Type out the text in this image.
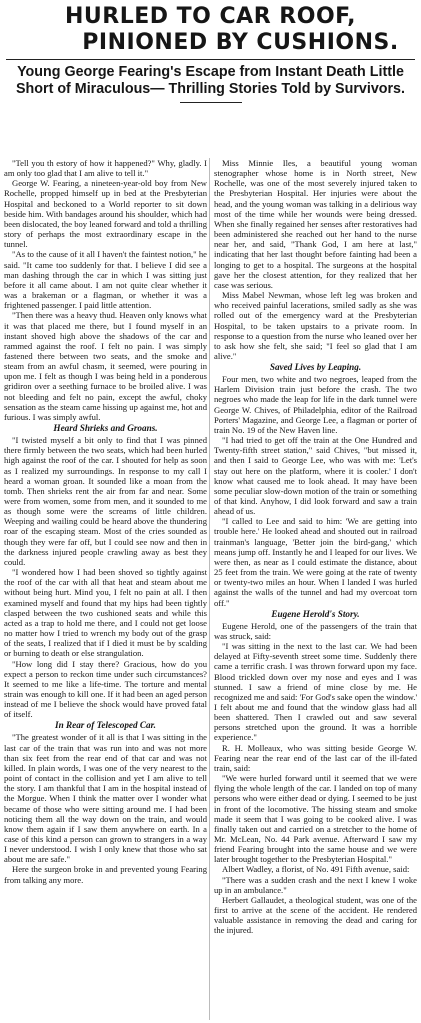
HURLED TO CAR ROOF,
PINIONED BY CUSHIONS.
Young George Fearing's Escape from Instant Death Little Short of Miraculous— Thrilling Stories Told by Survivors.

"Tell you th estory of how it happened?" Why, gladly. I am only too glad that I am alive to tell it."

George W. Fearing, a nineteen-year-old boy from New Rochelle, propped himself up in bed at the Presbyterian Hospital and beckoned to a World reporter to sit down beside him. With bandages around his shoulder, which had been dislocated, the boy leaned forward and told a thrilling story of perhaps the most extraordinary escape in the tunnel.

"As to the cause of it all I haven't the faintest notion," he said. "It came too suddenly for that. I believe I did see a man dashing through the car in which I was sitting just before it all came about. I am not quite clear whether it was a brakeman or a flagman, or whether it was a frightened passenger. I paid little attention.

"Then there was a heavy thud. Heaven only knows what it was that placed me there, but I found myself in an instant shoved high above the shadows of the car and rammed against the roof. I felt no pain. I was simply fastened there between two seats, and the smoke and steam from an awful chasm, it seemed, were pouring in upon me. I felt as though I was being held in a ponderous gridiron over a seething furnace to be broiled alive. I was not bleeding and felt no pain, except the awful, choky sensation as the steam came hissing up against me, hot and furious. I was simply awful.

Heard Shrieks and Groans.

"I twisted myself a bit only to find that I was pinned there firmly between the two seats, which had been hurled high against the roof of the car. I shouted for help as soon as I realized my surroundings. In response to my call I heard a woman groan. It sounded like a moan from the tomb. Then shrieks rent the air from far and near. Some were from women, some from men, and it sounded to me as though some were the screams of little children. Weeping and wailing could be heard above the thundering roar of the escaping steam. Most of the cries sounded as though they were far off, but I could see now and then in the darkness injured people crawling away as best they could.

"I wondered how I had been shoved so tightly against the roof of the car with all that heat and steam about me without being hurt. Mind you, I felt no pain at all. I then examined myself and found that my hips had been tightly clasped between the two cushioned seats and while this acted as a trap to hold me there, and I could not get loose no matter how I tried to wrench my body out of the grasp of the seats, I realized that if I died it must be by scalding or burning to death or else strangulation.

"How long did I stay there? Gracious, how do you expect a person to reckon time under such circumstances? It seemed to me like a life-time. The torture and mental strain was enough to kill one. If it had been an aged person instead of me I believe the shock would have proved fatal of itself.

In Rear of Telescoped Car.

"The greatest wonder of it all is that I was sitting in the last car of the train that was run into and was not more than six feet from the rear end of that car and was not killed. In plain words, I was one of the very nearest to the point of contact in the collision and yet I am alive to tell the story. I am thankful that I am in the hospital instead of the Morgue. When I think the matter over I wonder what became of those who were sitting around me. I had been noticing them all the way down on the train, and would know them again if I saw them anywhere on earth. In a case of this kind a person can grown to strangers in a way I never understood. I wish I only knew that those who sat about me are safe."

Here the surgeon broke in and prevented young Fearing from talking any more.

Miss Minnie Iles, a beautiful young woman stenographer whose home is in North street, New Rochelle, was one of the most severely injured taken to the Presbyterian Hospital. Her injuries were about the head, and the young woman was talking in a delirious way most of the time while her wounds were being dressed. When she finally regained her senses after restoratives had been administered she reached out her hand to the nurse near her, and said, "Thank God, I am here at last," indicating that her last thought before fainting had been a longing to get to a hospital. The surgeons at the hospital gave her the closest attention, for they realized that her case was serious.

Miss Mabel Newman, whose left leg was broken and who received painful lacerations, smiled sadly as she was rolled out of the emergency ward at the Presbyterian Hospital, to be taken upstairs to a private room. In response to a question from the nurse who leaned over her to ask how she felt, she said; "I feel so glad that I am alive."

Saved Lives by Leaping.

Four men, two white and two negroes, leaped from the Harlem Division train just before the crash. The two negroes who made the leap for life in the dark tunnel were George W. Chives, of Philadelphia, editor of the Railroad Porters' Magazine, and George Lee, a flagman or porter of train No. 19 of the New Haven line.

"I had tried to get off the train at the One Hundred and Twenty-fifth street station," said Chives, "but missed it, and then I said to George Lee, who was with me: 'Let's stay out here on the platform, where it is cooler.' I don't know what caused me to look ahead. It may have been some peculiar slow-down motion of the train or something of that kind. Anyhow, I did look forward and saw a train ahead of us.

"I called to Lee and said to him: 'We are getting into trouble here.' He looked ahead and shouted out in railroad trainman's language, 'Better join the bird-gang,' which means jump off. Instantly he and I leaped for our lives. We were then, as near as I could estimate the distance, about 25 feet from the train. We were going at the rate of twenty or twenty-two miles an hour. When I landed I was hurled against the walls of the tunnel and had my overcoat torn off."

Eugene Herold's Story.

Eugene Herold, one of the passengers of the train that was struck, said:

"I was sitting in the next to the last car. We had been delayed at Fifty-seventh street some time. Suddenly there came a terrific crash. I was thrown forward upon my face. Blood trickled down over my nose and eyes and I was stunned. I saw a friend of mine close by me. He recognized me and said: 'For God's sake open the window.' I felt about me and found that the window glass had all been shattered. Then I crawled out and saw several persons stretched upon the ground. It was a horrible experience."

R. H. Molleaux, who was sitting beside George W. Fearing near the rear end of the last car of the ill-fated train, said:

"We were hurled forward until it seemed that we were flying the whole length of the car. I landed on top of many persons who were either dead or dying. I seemed to be just in front of the locomotive. The hissing steam and smoke made it seem that I was going to be cooked alive. I was finally taken out and carried on a stretcher to the home of Mr. McLean, No. 44 Park avenue. Afterward I saw my friend Fearing brought into the same house and we were later brought together to the Presbyterian Hospital."

Albert Wadley, a florist, of No. 491 Fifth avenue, said:

"There was a sudden crash and the next I knew I woke up in an ambulance."

Herbert Gallaudet, a theological student, was one of the first to arrive at the scene of the accident. He rendered valuable assistance in removing the dead and caring for the injured.
